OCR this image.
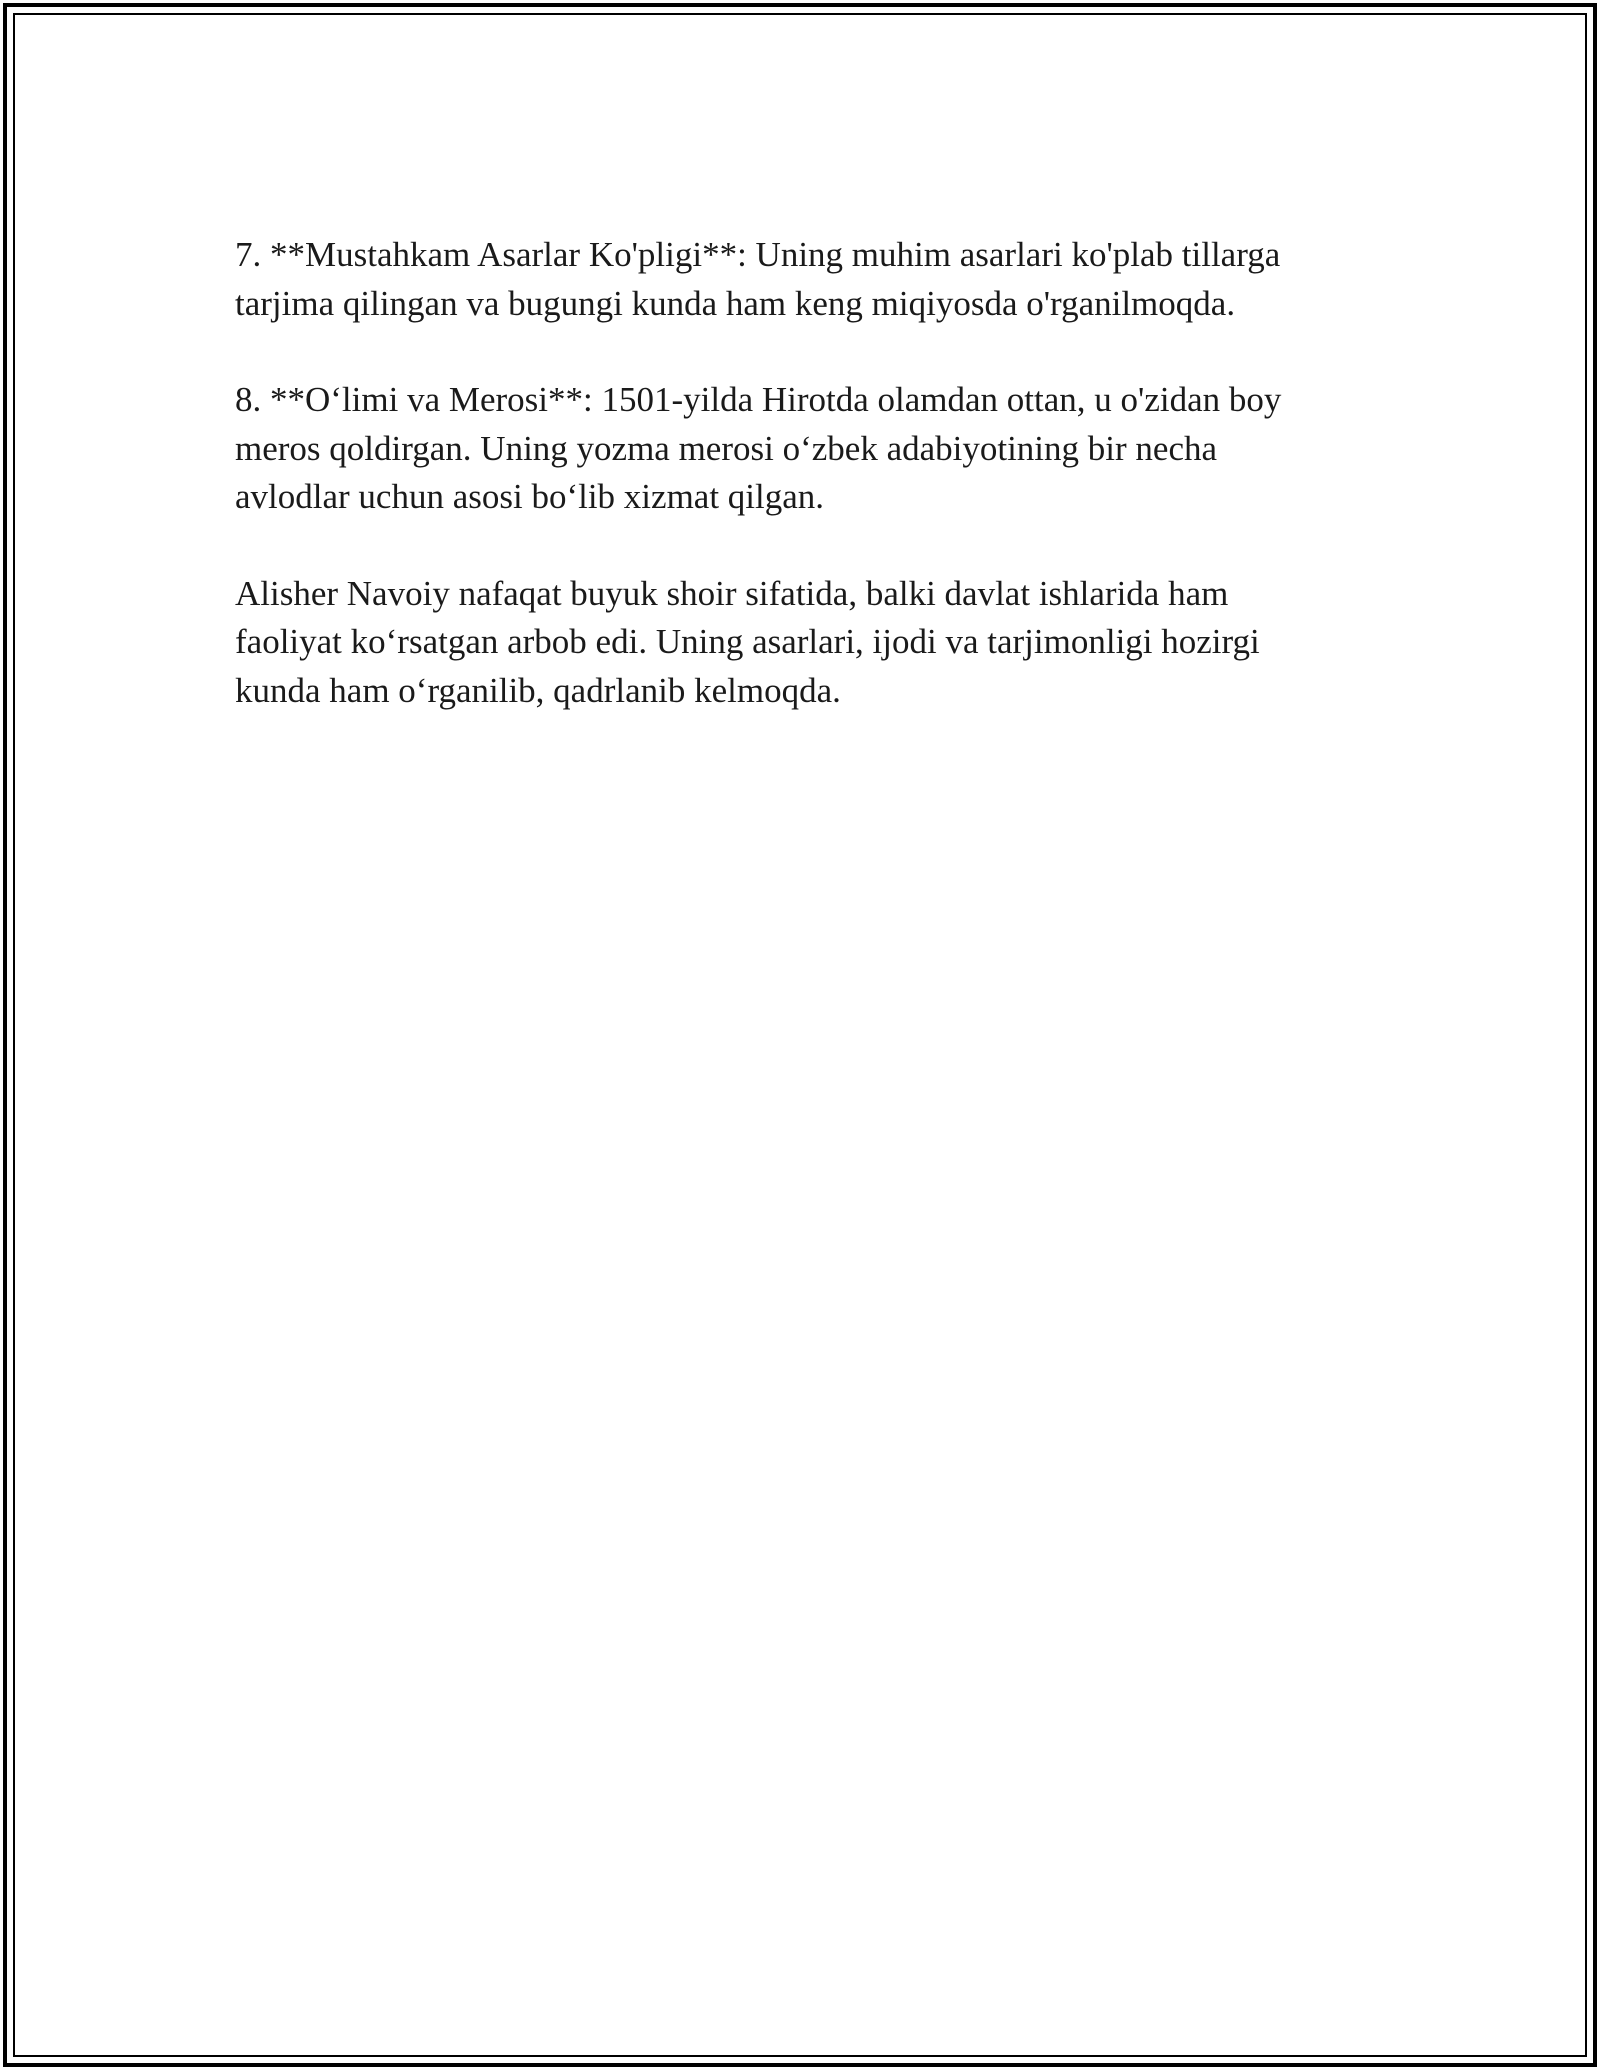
7. **Mustahkam Asarlar Ko'pligi**: Uning muhim asarlari ko'plab tillarga
tarjima qilingan va bugungi kunda ham keng miqiyosda o'rganilmoqda.

8. **Oʻlimi va Merosi**: 1501-yilda Hirotda olamdan ottan, u o'zidan boy
meros qoldirgan. Uning yozma merosi oʻzbek adabiyotining bir necha
avlodlar uchun asosi boʻlib xizmat qilgan.

Alisher Navoiy nafaqat buyuk shoir sifatida, balki davlat ishlarida ham
faoliyat koʻrsatgan arbob edi. Uning asarlari, ijodi va tarjimonligi hozirgi
kunda ham oʻrganilib, qadrlanib kelmoqda.
